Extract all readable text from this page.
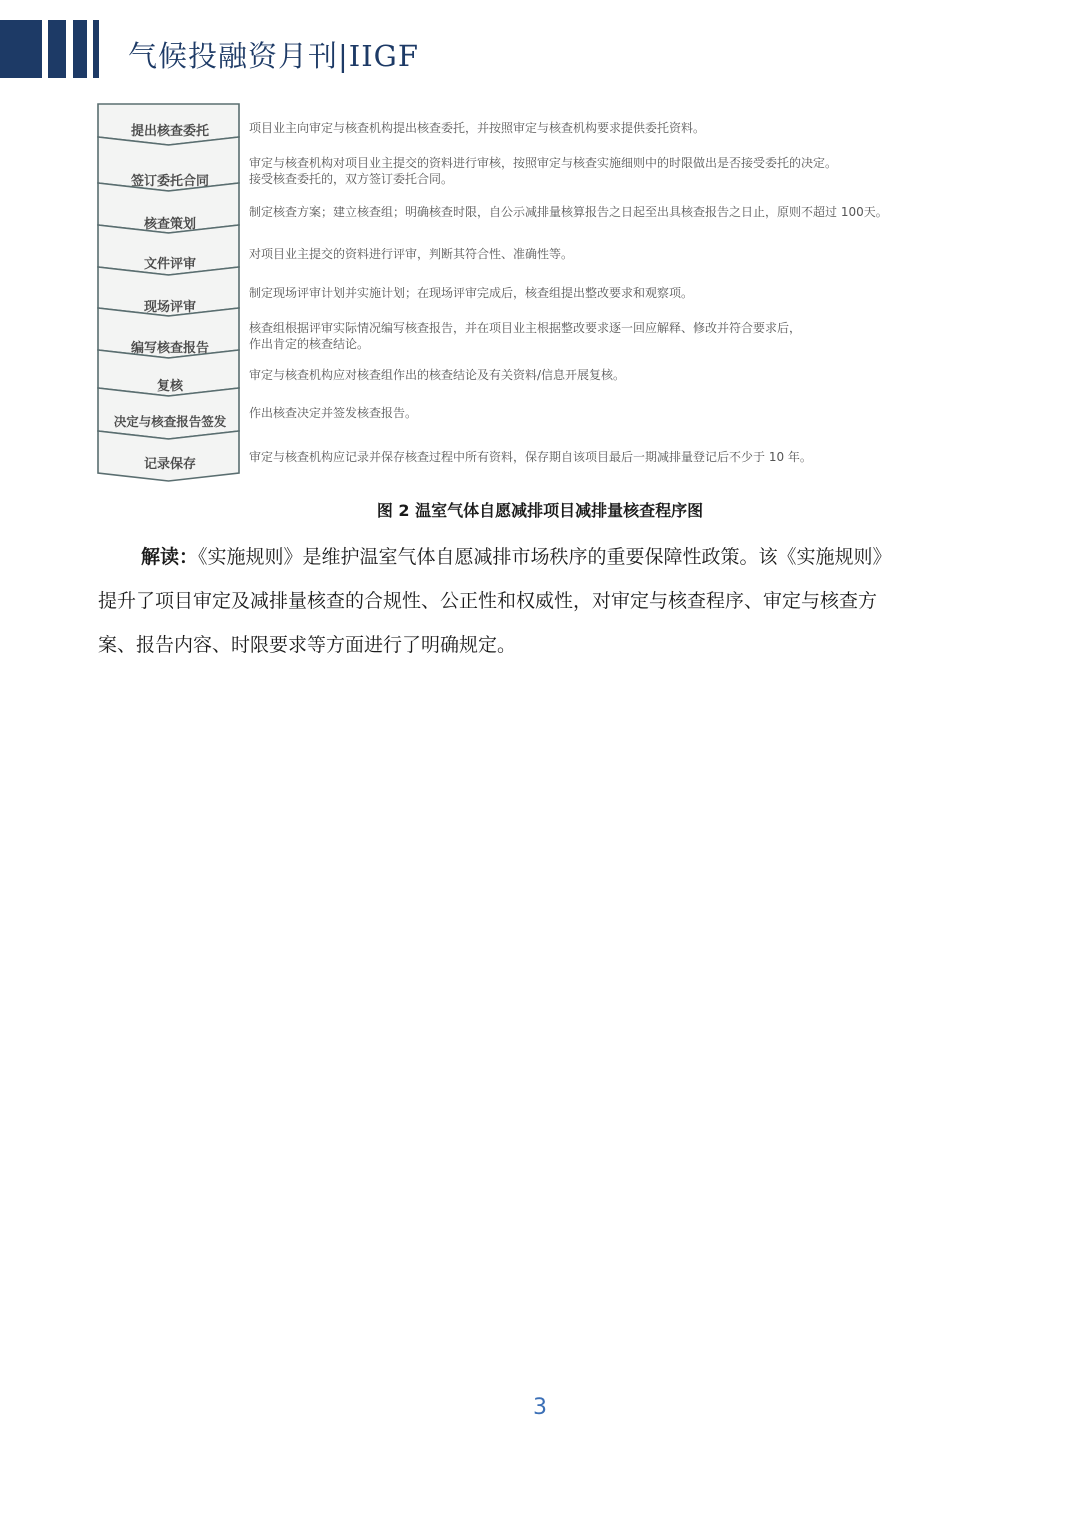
气候投融资月刊|IIGF
提出核查委托	项目业主向审定与核查机构提出核查委托，并按照审定与核查机构要求提供委托资料。
签订委托合同
审定与核查机构对项目业主提交的资料进行审核，按照审定与核查实施细则中的时限做出是否接受委托的决定。
接受核查委托的，双方签订委托合同。
核查策划
制定核查方案；建立核查组；明确核查时限，自公示减排量核算报告之日起至出具核查报告之日止，原则不超过 100天。
文件评审
对项目业主提交的资料进行评审，判断其符合性、准确性等。
现场评审
制定现场评审计划并实施计划；在现场评审完成后，核查组提出整改要求和观察项。
编写核查报告
核查组根据评审实际情况编写核查报告，并在项目业主根据整改要求逐一回应解释、修改并符合要求后，
作出肯定的核查结论。
复核
审定与核查机构应对核查组作出的核查结论及有关资料/信息开展复核。
决定与核查报告签发
作出核查决定并签发核查报告。
记录保存	审定与核查机构应记录并保存核查过程中所有资料，保存期自该项目最后一期减排量登记后不少于 10 年。
图 2 温室气体自愿减排项目减排量核查程序图
解读：《实施规则》是维护温室气体自愿减排市场秩序的重要保障性政策。该《实施规则》
提升了项目审定及减排量核查的合规性、公正性和权威性，对审定与核查程序、审定与核查方
案、报告内容、时限要求等方面进行了明确规定。
3
